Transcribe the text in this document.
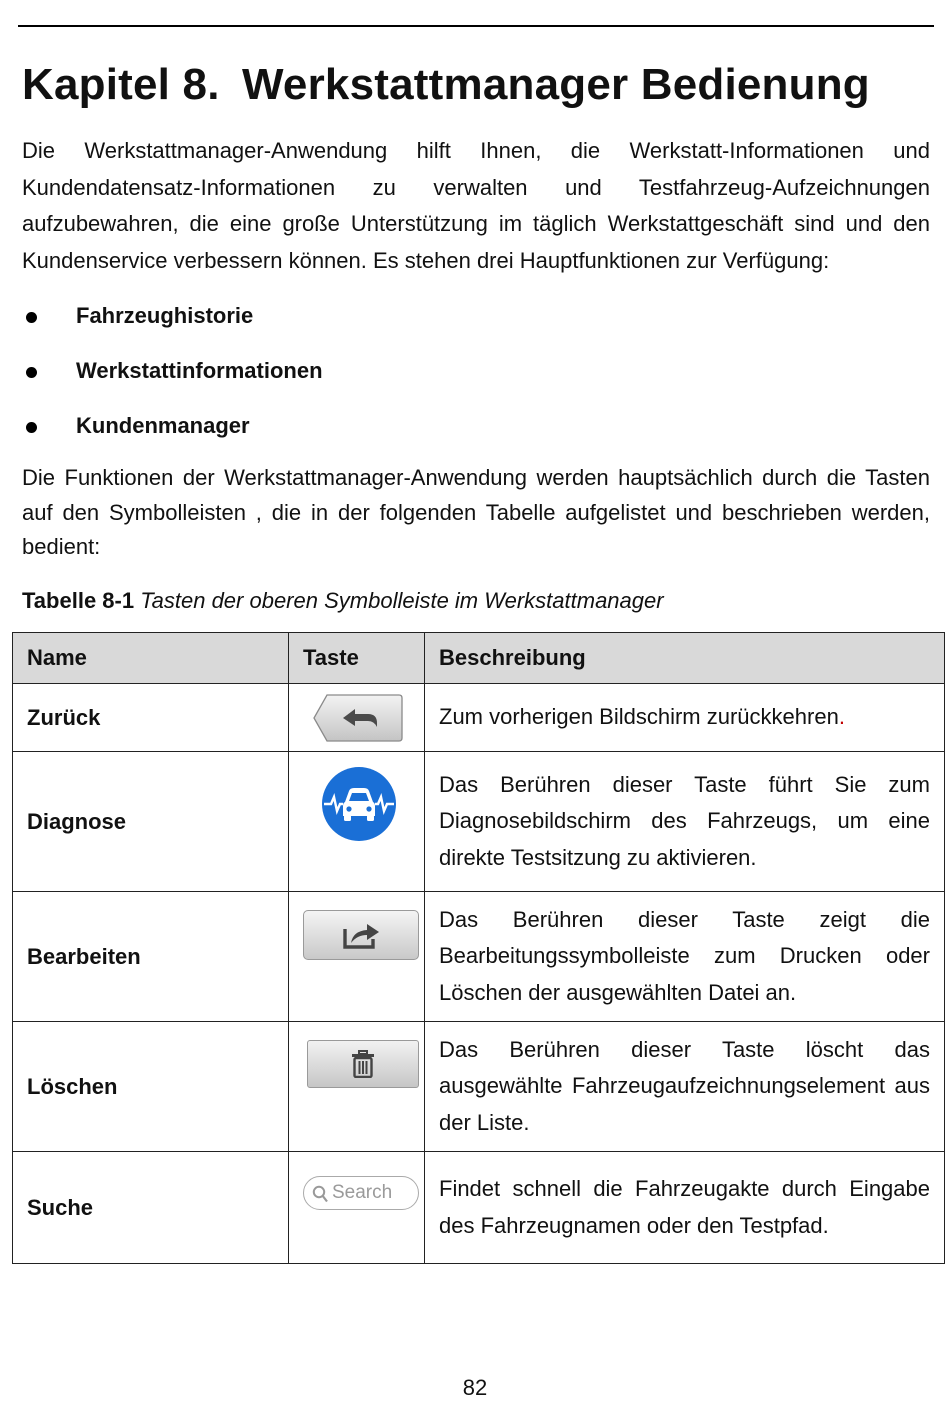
Kapitel 8. Werkstattmanager Bedienung

Die Werkstattmanager-Anwendung hilft Ihnen, die Werkstatt-Informationen und Kundendatensatz-Informationen zu verwalten und Testfahrzeug-Aufzeichnungen aufzubewahren, die eine große Unterstützung im täglich Werkstattgeschäft sind und den Kundenservice verbessern können. Es stehen drei Hauptfunktionen zur Verfügung:

Fahrzeughistorie
Werkstattinformationen
Kundenmanager

Die Funktionen der Werkstattmanager-Anwendung werden hauptsächlich durch die Tasten auf den Symbolleisten , die in der folgenden Tabelle aufgelistet und beschrieben werden, bedient:

Tabelle 8-1 Tasten der oberen Symbolleiste im Werkstattmanager
Name	Taste	Beschreibung
Zurück		Zum vorherigen Bildschirm zurückkehren.
Diagnose		Das Berühren dieser Taste führt Sie zum Diagnosebildschirm des Fahrzeugs, um eine direkte Testsitzung zu aktivieren.
Bearbeiten		Das Berühren dieser Taste zeigt die Bearbeitungssymbolleiste zum Drucken oder Löschen der ausgewählten Datei an.
Löschen		Das Berühren dieser Taste löscht das ausgewählte Fahrzeugaufzeichnungselement aus der Liste.
Suche	Search	Findet schnell die Fahrzeugakte durch Eingabe des Fahrzeugnamen oder den Testpfad.
82
